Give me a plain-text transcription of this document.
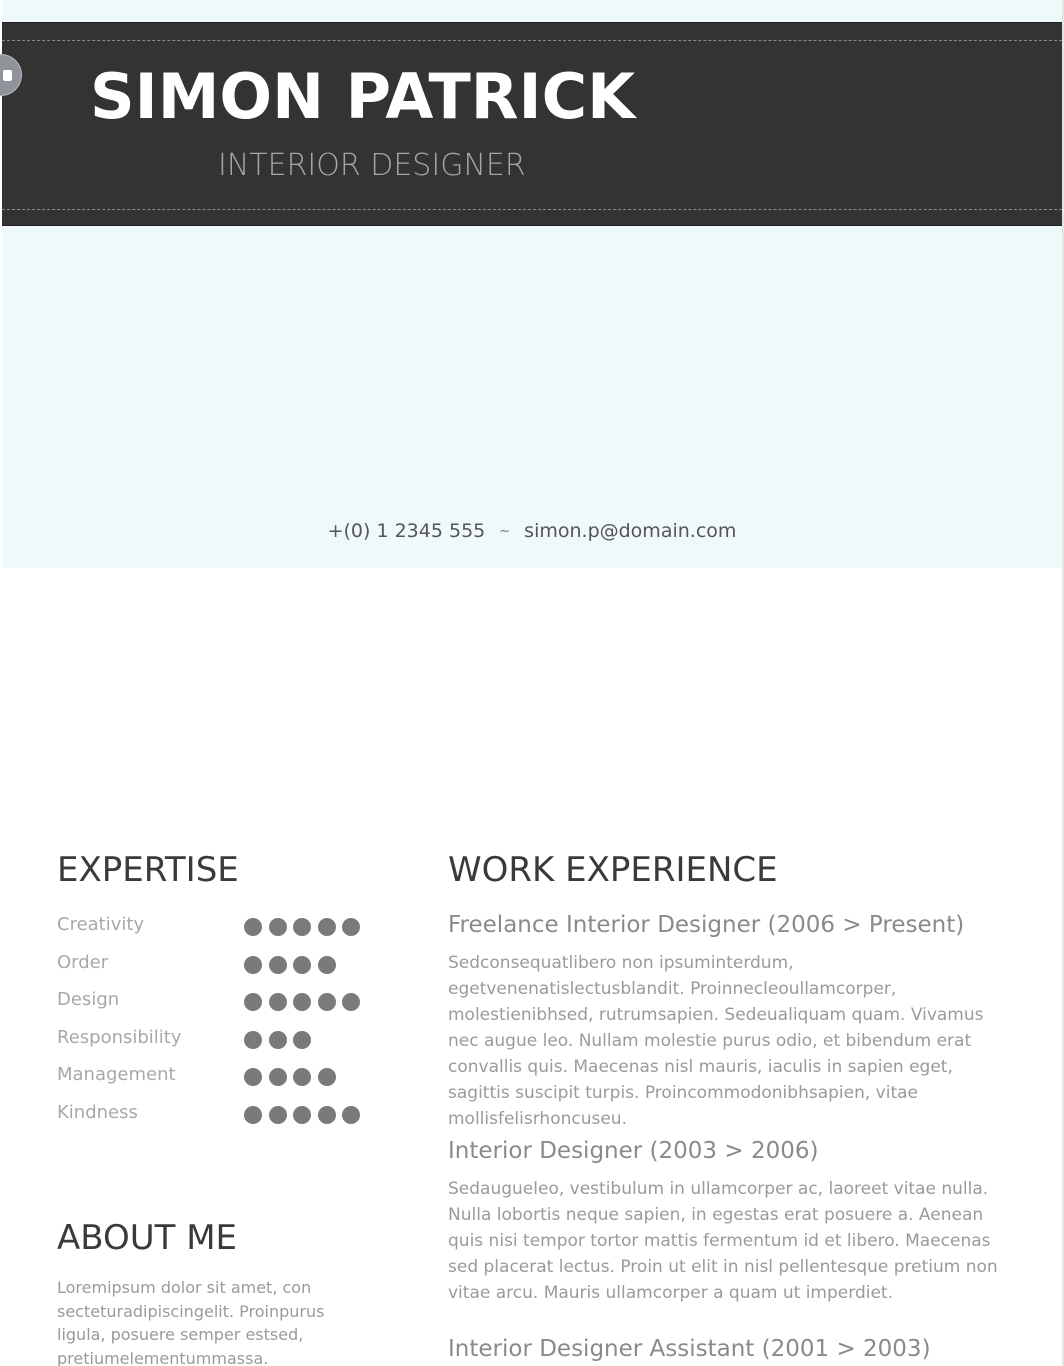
SIMON PATRICK
INTERIOR DESIGNER
+(0) 1 2345 555 ~ simon.p@domain.com
EXPERTISE
Creativity
Order
Design
Responsibility
Management
Kindness
WORK EXPERIENCE
Freelance Interior Designer (2006 > Present)
Sedconsequatlibero non ipsuminterdum, egetvenenatislectusblandit. Proinnecleoullamcorper, molestienibhsed, rutrumsapien. Sedeualiquam quam. Vivamus nec augue leo. Nullam molestie purus odio, et bibendum erat convallis quis. Maecenas nisl mauris, iaculis in sapien eget, sagittis suscipit turpis. Proincommodonibhsapien, vitae mollisfelisrhoncuseu.
Interior Designer (2003 > 2006)
Sedaugueleo, vestibulum in ullamcorper ac, laoreet vitae nulla. Nulla lobortis neque sapien, in egestas erat posuere a. Aenean quis nisi tempor tortor mattis fermentum id et libero. Maecenas sed placerat lectus. Proin ut elit in nisl pellentesque pretium non vitae arcu. Mauris ullamcorper a quam ut imperdiet.
Interior Designer Assistant (2001 > 2003)
ABOUT ME
Loremipsum dolor sit amet, con secteturadipiscingelit. Proinpurus ligula, posuere semper estsed, pretiumelementummassa.
